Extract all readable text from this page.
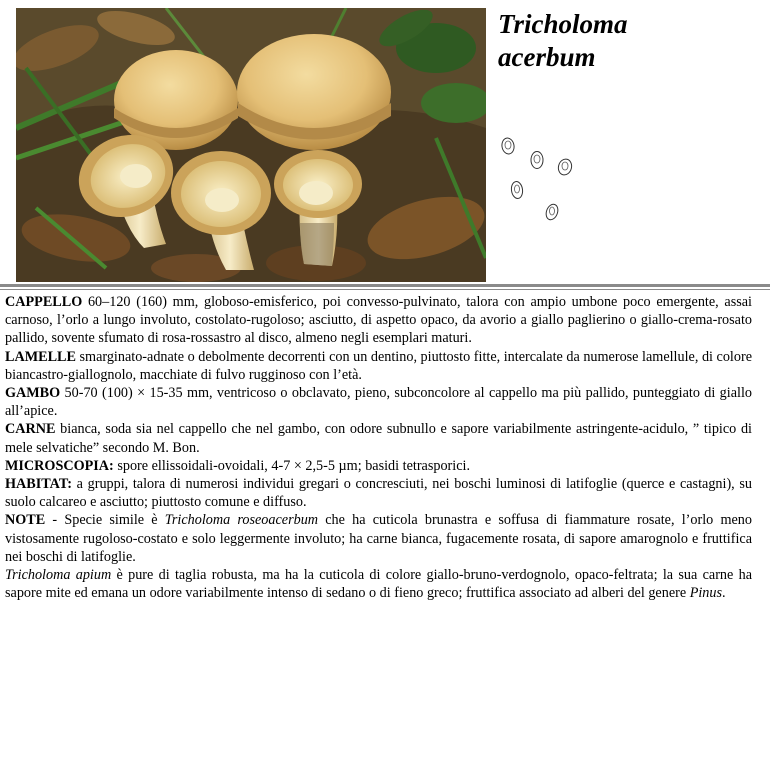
Tricholoma
acerbum

CAPPELLO 60–120 (160) mm, globoso-emisferico, poi convesso-pulvinato, talora con ampio umbone poco emergente, assai carnoso, l’orlo a lungo involuto, costolato-rugoloso; asciutto, di aspetto opaco, da avorio a giallo paglierino o giallo-crema-rosato pallido, sovente sfumato di rosa-rossastro al disco, almeno negli esemplari maturi.

LAMELLE smarginato-adnate o debolmente decorrenti con un dentino, piuttosto fitte, intercalate da numerose lamellule, di colore biancastro-giallognolo, macchiate di fulvo rugginoso con l’età.

GAMBO 50-70 (100) × 15-35 mm, ventricoso o obclavato, pieno, subconcolore al cappello ma più pallido, punteggiato di giallo all’apice.

CARNE bianca, soda sia nel cappello che nel gambo, con odore subnullo e sapore variabilmente astringente-acidulo, ” tipico di mele selvatiche” secondo M. Bon.

MICROSCOPIA: spore ellissoidali-ovoidali, 4-7 × 2,5-5 µm; basidi tetrasporici.

HABITAT: a gruppi, talora di numerosi individui gregari o concresciuti, nei boschi luminosi di latifoglie (querce e castagni), su suolo calcareo e asciutto; piuttosto comune e diffuso.

NOTE - Specie simile è Tricholoma roseoacerbum che ha cuticola brunastra e soffusa di fiammature rosate, l’orlo meno vistosamente rugoloso-costato e solo leggermente involuto; ha carne bianca, fugacemente rosata, di sapore amarognolo e fruttifica nei boschi di latifoglie.

Tricholoma apium è pure di taglia robusta, ma ha la cuticola di colore giallo-bruno-verdognolo, opaco-feltrata; la sua carne ha sapore mite ed emana un odore variabilmente intenso di sedano o di fieno greco; fruttifica associato ad alberi del genere Pinus.
